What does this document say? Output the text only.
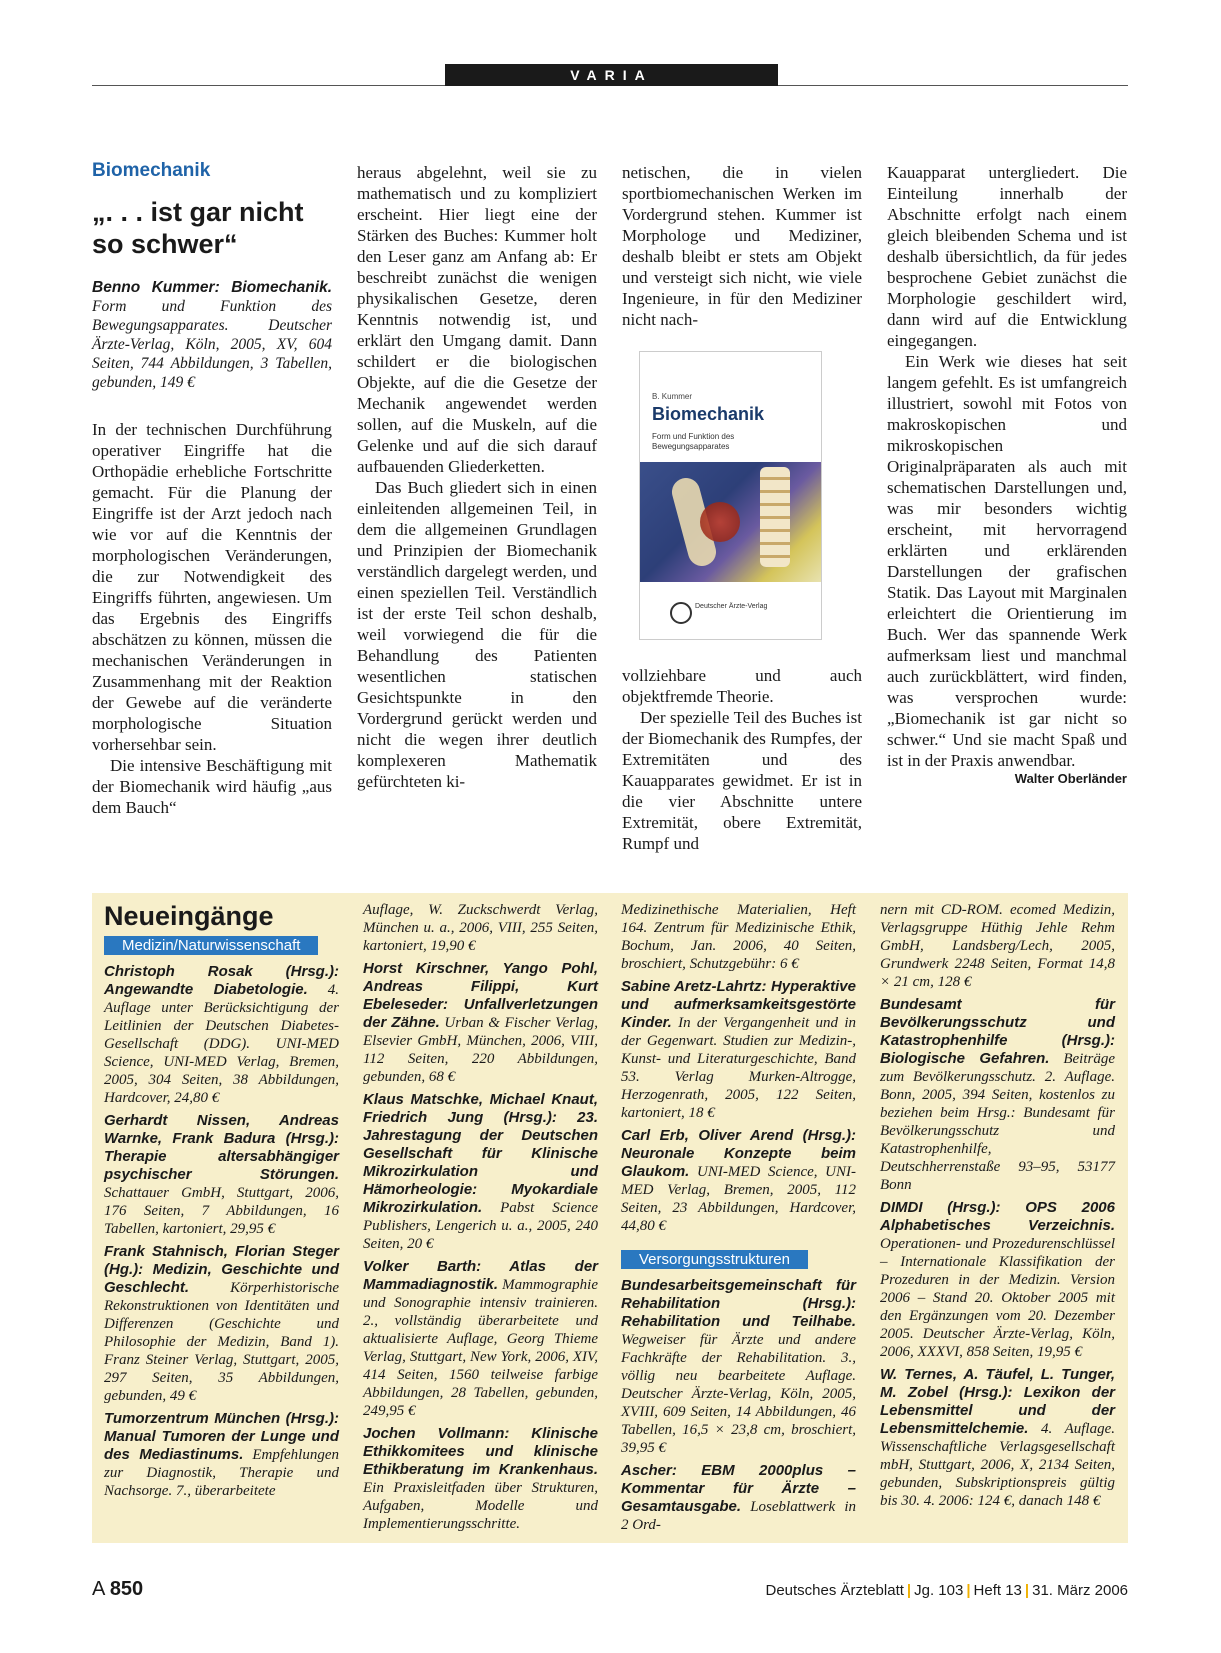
VARIA

Biomechanik

„. . . ist gar nicht so schwer“

Benno Kummer: Biomechanik. Form und Funktion des Bewegungsapparates. Deutscher Ärzte-Verlag, Köln, 2005, XV, 604 Seiten, 744 Abbildungen, 3 Tabellen, gebunden, 149 €

In der technischen Durchführung operativer Eingriffe hat die Orthopädie erhebliche Fortschritte gemacht. Für die Planung der Eingriffe ist der Arzt jedoch nach wie vor auf die Kenntnis der morphologischen Veränderungen, die zur Notwendigkeit des Eingriffs führten, angewiesen. Um das Ergebnis des Eingriffs abschätzen zu können, müssen die mechanischen Veränderungen in Zusammenhang mit der Reaktion der Gewebe auf die veränderte morphologische Situation vorhersehbar sein.

Die intensive Beschäftigung mit der Biomechanik wird häufig „aus dem Bauch“

heraus abgelehnt, weil sie zu mathematisch und zu kompliziert erscheint. Hier liegt eine der Stärken des Buches: Kummer holt den Leser ganz am Anfang ab: Er beschreibt zunächst die wenigen physikalischen Gesetze, deren Kenntnis notwendig ist, und erklärt den Umgang damit. Dann schildert er die biologischen Objekte, auf die die Gesetze der Mechanik angewendet werden sollen, auf die Muskeln, auf die Gelenke und auf die sich darauf aufbauenden Gliederketten.

Das Buch gliedert sich in einen einleitenden allgemeinen Teil, in dem die allgemeinen Grundlagen und Prinzipien der Biomechanik verständlich dargelegt werden, und einen speziellen Teil. Verständlich ist der erste Teil schon deshalb, weil vorwiegend die für die Behandlung des Patienten wesentlichen statischen Gesichtspunkte in den Vordergrund gerückt werden und nicht die wegen ihrer deutlich komplexeren Mathematik gefürchteten ki-

netischen, die in vielen sportbiomechanischen Werken im Vordergrund stehen. Kummer ist Morphologe und Mediziner, deshalb bleibt er stets am Objekt und versteigt sich nicht, wie viele Ingenieure, in für den Mediziner nicht nach-

B. Kummer
Biomechanik
Form und Funktion des Bewegungsapparates
Deutscher Ärzte-Verlag

vollziehbare und auch objektfremde Theorie.

Der spezielle Teil des Buches ist der Biomechanik des Rumpfes, der Extremitäten und des Kauapparates gewidmet. Er ist in die vier Abschnitte untere Extremität, obere Extremität, Rumpf und

Kauapparat untergliedert. Die Einteilung innerhalb der Abschnitte erfolgt nach einem gleich bleibenden Schema und ist deshalb übersichtlich, da für jedes besprochene Gebiet zunächst die Morphologie geschildert wird, dann wird auf die Entwicklung eingegangen.

Ein Werk wie dieses hat seit langem gefehlt. Es ist umfangreich illustriert, sowohl mit Fotos von makroskopischen und mikroskopischen Originalpräparaten als auch mit schematischen Darstellungen und, was mir besonders wichtig erscheint, mit hervorragend erklärten und erklärenden Darstellungen der grafischen Statik. Das Layout mit Marginalen erleichtert die Orientierung im Buch. Wer das spannende Werk aufmerksam liest und manchmal auch zurückblättert, wird finden, was versprochen wurde: „Biomechanik ist gar nicht so schwer.“ Und sie macht Spaß und ist in der Praxis anwendbar.

Walter Oberländer

Neueingänge

Medizin/Naturwissenschaft

Christoph Rosak (Hrsg.): Angewandte Diabetologie. 4. Auflage unter Berücksichtigung der Leitlinien der Deutschen Diabetes-Gesellschaft (DDG). UNI-MED Science, UNI-MED Verlag, Bremen, 2005, 304 Seiten, 38 Abbildungen, Hardcover, 24,80 €

Gerhardt Nissen, Andreas Warnke, Frank Badura (Hrsg.): Therapie altersabhängiger psychischer Störungen. Schattauer GmbH, Stuttgart, 2006, 176 Seiten, 7 Abbildungen, 16 Tabellen, kartoniert, 29,95 €

Frank Stahnisch, Florian Steger (Hg.): Medizin, Geschichte und Geschlecht. Körperhistorische Rekonstruktionen von Identitäten und Differenzen (Geschichte und Philosophie der Medizin, Band 1). Franz Steiner Verlag, Stuttgart, 2005, 297 Seiten, 35 Abbildungen, gebunden, 49 €

Tumorzentrum München (Hrsg.): Manual Tumoren der Lunge und des Mediastinums. Empfehlungen zur Diagnostik, Therapie und Nachsorge. 7., überarbeitete

Auflage, W. Zuckschwerdt Verlag, München u. a., 2006, VIII, 255 Seiten, kartoniert, 19,90 €

Horst Kirschner, Yango Pohl, Andreas Filippi, Kurt Ebeleseder: Unfallverletzungen der Zähne. Urban & Fischer Verlag, Elsevier GmbH, München, 2006, VIII, 112 Seiten, 220 Abbildungen, gebunden, 68 €

Klaus Matschke, Michael Knaut, Friedrich Jung (Hrsg.): 23. Jahrestagung der Deutschen Gesellschaft für Klinische Mikrozirkulation und Hämorheologie: Myokardiale Mikrozirkulation. Pabst Science Publishers, Lengerich u. a., 2005, 240 Seiten, 20 €

Volker Barth: Atlas der Mammadiagnostik. Mammographie und Sonographie intensiv trainieren. 2., vollständig überarbeitete und aktualisierte Auflage, Georg Thieme Verlag, Stuttgart, New York, 2006, XIV, 414 Seiten, 1560 teilweise farbige Abbildungen, 28 Tabellen, gebunden, 249,95 €

Jochen Vollmann: Klinische Ethikkomitees und klinische Ethikberatung im Krankenhaus. Ein Praxisleitfaden über Strukturen, Aufgaben, Modelle und Implementierungsschritte.

Medizinethische Materialien, Heft 164. Zentrum für Medizinische Ethik, Bochum, Jan. 2006, 40 Seiten, broschiert, Schutzgebühr: 6 €

Sabine Aretz-Lahrtz: Hyperaktive und aufmerksamkeitsgestörte Kinder. In der Vergangenheit und in der Gegenwart. Studien zur Medizin-, Kunst- und Literaturgeschichte, Band 53. Verlag Murken-Altrogge, Herzogenrath, 2005, 122 Seiten, kartoniert, 18 €

Carl Erb, Oliver Arend (Hrsg.): Neuronale Konzepte beim Glaukom. UNI-MED Science, UNI-MED Verlag, Bremen, 2005, 112 Seiten, 23 Abbildungen, Hardcover, 44,80 €

Versorgungsstrukturen

Bundesarbeitsgemeinschaft für Rehabilitation (Hrsg.): Rehabilitation und Teilhabe. Wegweiser für Ärzte und andere Fachkräfte der Rehabilitation. 3., völlig neu bearbeitete Auflage. Deutscher Ärzte-Verlag, Köln, 2005, XVIII, 609 Seiten, 14 Abbildungen, 46 Tabellen, 16,5 × 23,8 cm, broschiert, 39,95 €

Ascher: EBM 2000plus – Kommentar für Ärzte – Gesamtausgabe. Loseblattwerk in 2 Ord-

nern mit CD-ROM. ecomed Medizin, Verlagsgruppe Hüthig Jehle Rehm GmbH, Landsberg/Lech, 2005, Grundwerk 2248 Seiten, Format 14,8 × 21 cm, 128 €

Bundesamt für Bevölkerungsschutz und Katastrophenhilfe (Hrsg.): Biologische Gefahren. Beiträge zum Bevölkerungsschutz. 2. Auflage. Bonn, 2005, 394 Seiten, kostenlos zu beziehen beim Hrsg.: Bundesamt für Bevölkerungsschutz und Katastrophenhilfe, Deutschherrenstaße 93–95, 53177 Bonn

DIMDI (Hrsg.): OPS 2006 Alphabetisches Verzeichnis. Operationen- und Prozedurenschlüssel – Internationale Klassifikation der Prozeduren in der Medizin. Version 2006 – Stand 20. Oktober 2005 mit den Ergänzungen vom 20. Dezember 2005. Deutscher Ärzte-Verlag, Köln, 2006, XXXVI, 858 Seiten, 19,95 €

W. Ternes, A. Täufel, L. Tunger, M. Zobel (Hrsg.): Lexikon der Lebensmittel und der Lebensmittelchemie. 4. Auflage. Wissenschaftliche Verlagsgesellschaft mbH, Stuttgart, 2006, X, 2134 Seiten, gebunden, Subskriptionspreis gültig bis 30. 4. 2006: 124 €, danach 148 €

A 850	Deutsches Ärzteblatt | Jg. 103 | Heft 13 | 31. März 2006
